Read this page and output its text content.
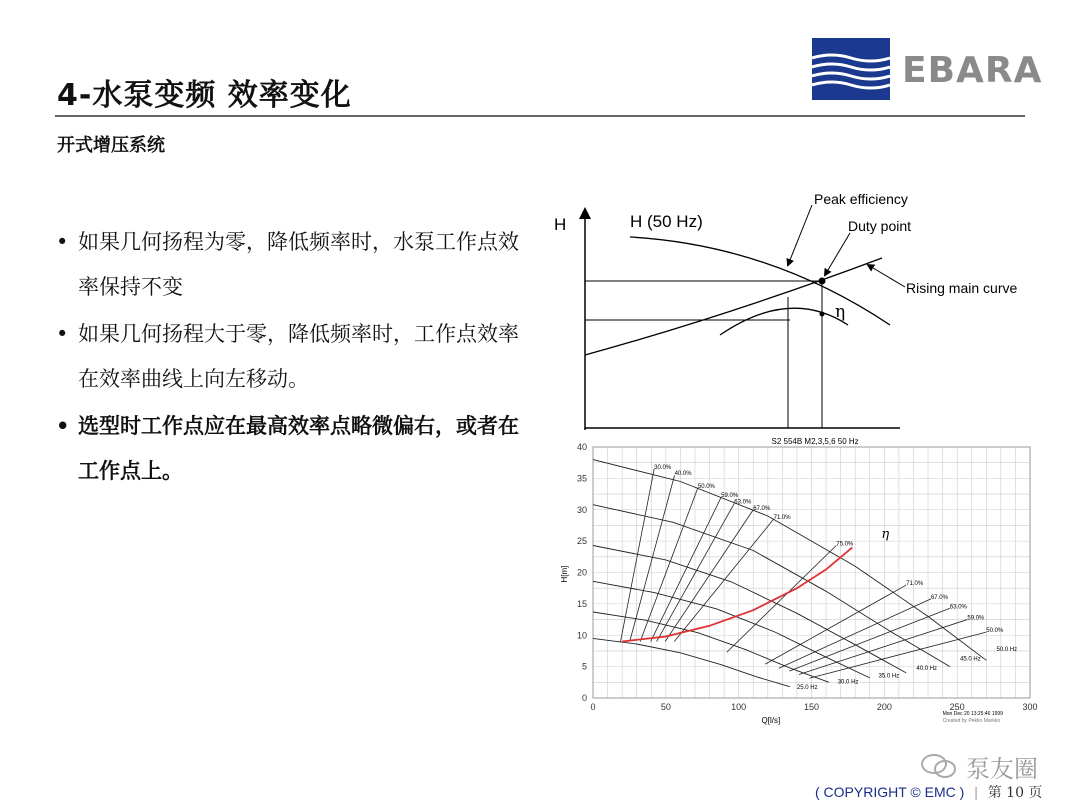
4-水泵变频 效率变化
开式增压系统
EBARA
• 如果几何扬程为零，降低频率时，水泵工作点效率保持不变
• 如果几何扬程大于零，降低频率时，工作点效率在效率曲线上向左移动。
• 选型时工作点应在最高效率点略微偏右，或者在工作点上。
H	H (50 Hz)
Peak efficiency
Duty point
Rising main curve
η
0	50	100	150	200	250	300
0
5
10
15
20
25
30
35
40
S2 554B M2,3,5,6 50 Hz
Q[l/s]
H[m]
30.0%
40.0%
50.0%
59.0%
63.0%
67.0%
71.0%
75.0%
71.0%
67.0%
63.0%
59.0%
50.0%
50.0 Hz
45.0 Hz
40.0 Hz
35.0 Hz
30.0 Hz
25.0 Hz
η
Mon Dec 20 13:25:46 1999
Created by Pekko Markko
泵友圈
( COPYRIGHT © EMC ) | 第 10 页
